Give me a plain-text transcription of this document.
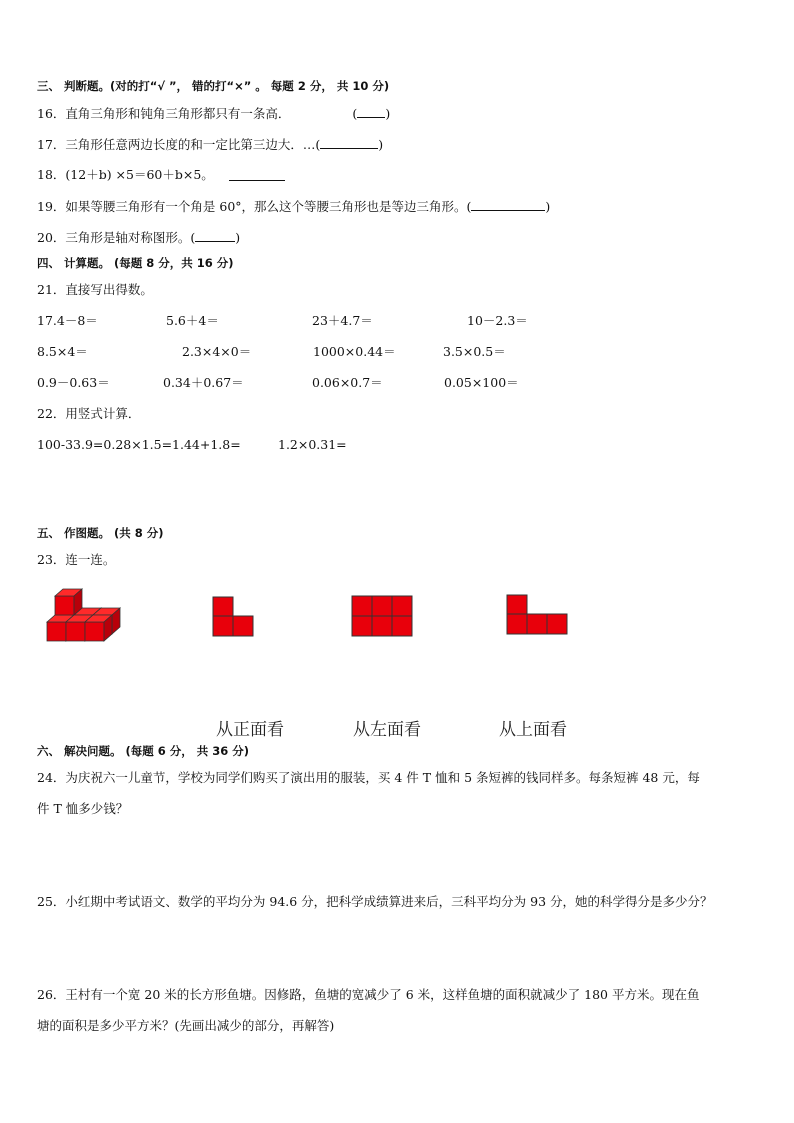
三、 判断题。(对的打“√ ”， 错的打“×” 。 每题 2 分， 共 10 分)
16．直角三角形和钝角三角形都只有一条高．	( )
17．三角形任意两边长度的和一定比第三边大．…(	)
18．(12＋b) ×5＝60＋b×5。
19．如果等腰三角形有一个角是 60°，那么这个等腰三角形也是等边三角形。(	)
20．三角形是轴对称图形。(	)
四、 计算题。 (每题 8 分，共 16 分)
21．直接写出得数。
17.4－8＝	5.6＋4＝	23＋4.7＝	10－2.3＝
8.5×4＝	2.3×4×0＝	1000×0.44＝	3.5×0.5＝
0.9－0.63＝	0.34＋0.67＝	0.06×0.7＝	0.05×100＝
22．用竖式计算．
100-33.9=0.28×1.5=1.44+1.8=	1.2×0.31=
五、 作图题。 (共 8 分)
23．连一连。
从正面看	从左面看	从上面看
六、 解决问题。 (每题 6 分， 共 36 分)
24．为庆祝六一儿童节，学校为同学们购买了演出用的服装，买 4 件 T 恤和 5 条短裤的钱同样多。每条短裤 48 元，每
件 T 恤多少钱？
25．小红期中考试语文、数学的平均分为 94.6 分，把科学成绩算进来后，三科平均分为 93 分，她的科学得分是多少分？
26．王村有一个宽 20 米的长方形鱼塘。因修路，鱼塘的宽减少了 6 米，这样鱼塘的面积就减少了 180 平方米。现在鱼
塘的面积是多少平方米？(先画出减少的部分，再解答)
